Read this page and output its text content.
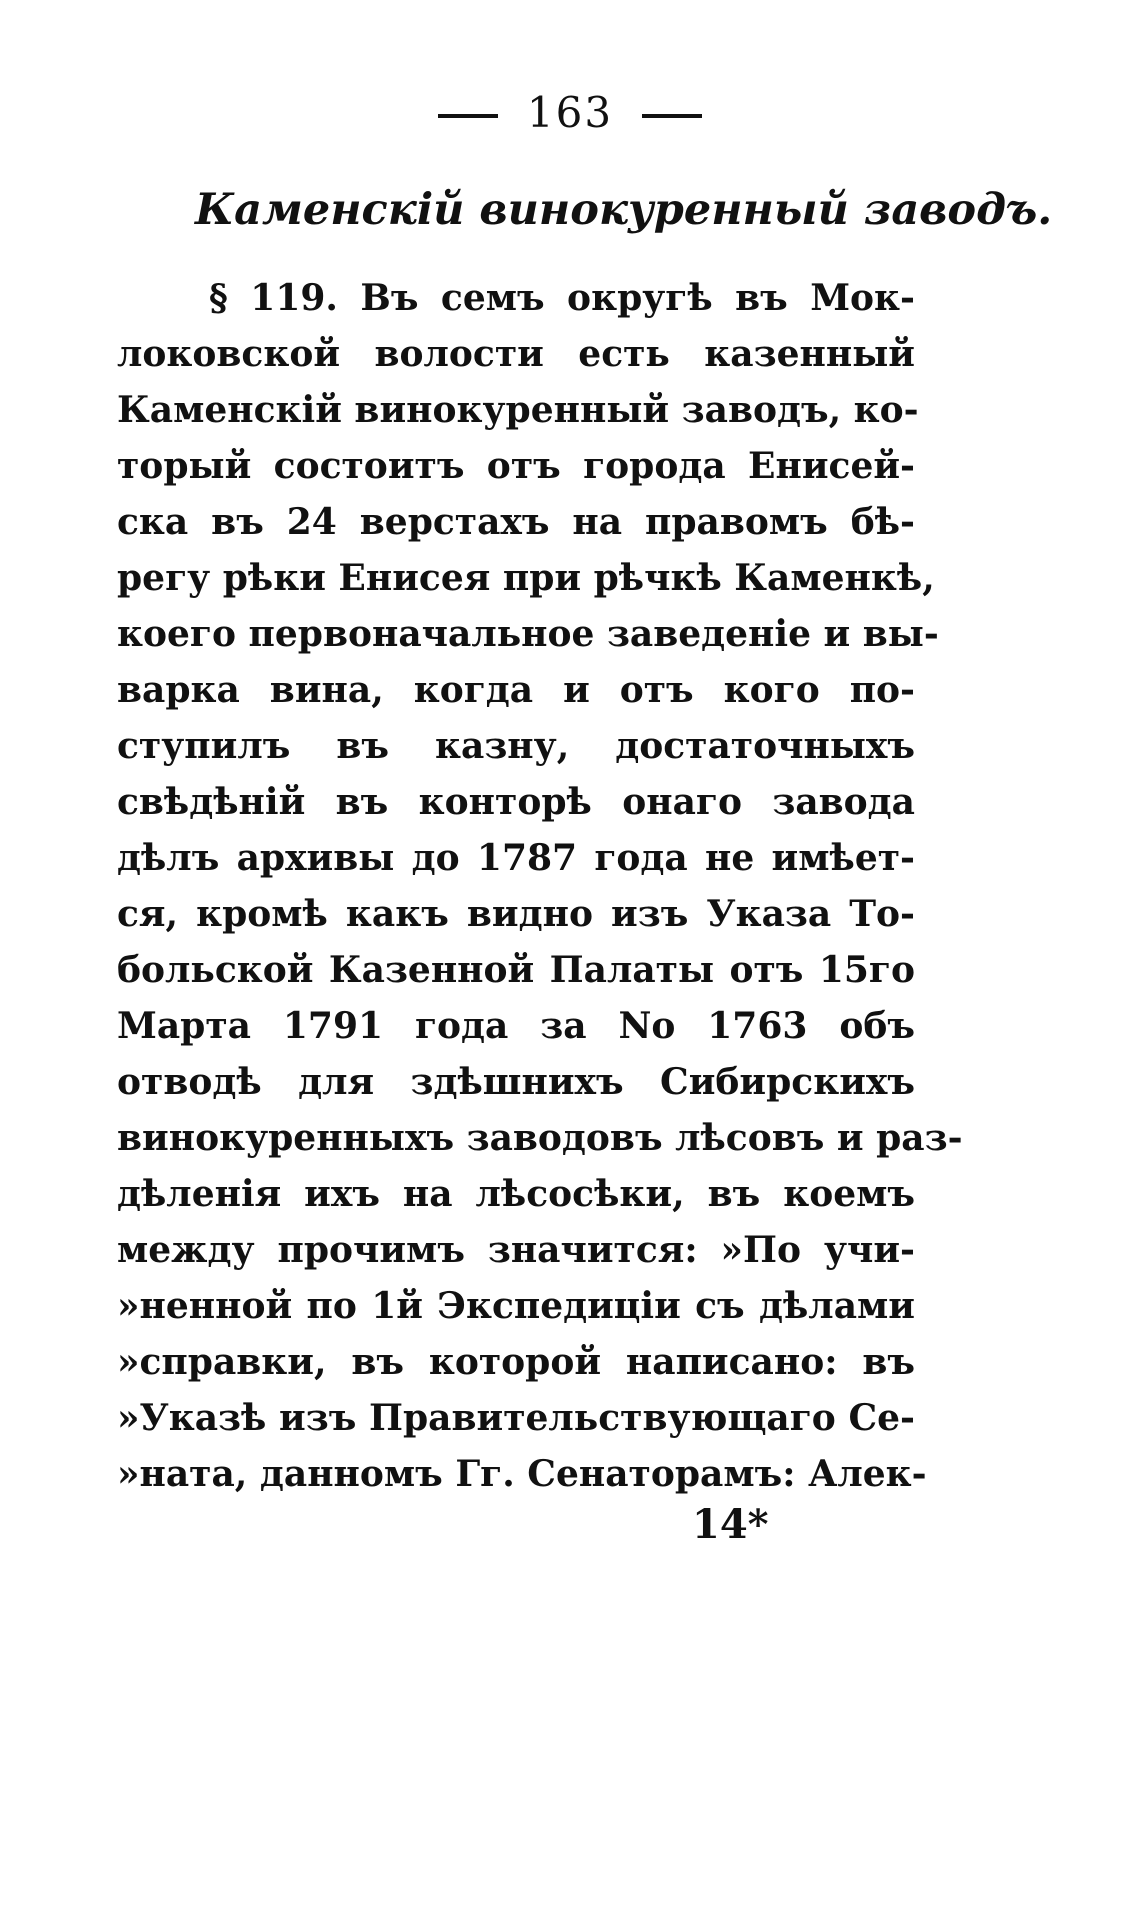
163
Каменскій винокуренный заводъ.
§ 119. Въ семъ округѣ въ Мок-
локовской волости есть казенный
Каменскій винокуренный заводъ, ко-
торый состоитъ отъ города Енисей-
ска въ 24 верстахъ на правомъ бѣ-
регу рѣки Енисея при рѣчкѣ Каменкѣ,
коего первоначальное заведеніе и вы-
варка вина, когда и отъ кого по-
ступилъ въ казну, достаточныхъ
свѣдѣній въ конторѣ онаго завода
дѣлъ архивы до 1787 года не имѣет-
ся, кромѣ какъ видно изъ Указа То-
больской Казенной Палаты отъ 15го
Марта 1791 года за No 1763 объ
отводѣ для здѣшнихъ Сибирскихъ
винокуренныхъ заводовъ лѣсовъ и раз-
дѣленія ихъ на лѣсосѣки, въ коемъ
между прочимъ значится: »По учи-
»ненной по 1й Экспедиціи съ дѣлами
»справки, въ которой написано: въ
»Указѣ изъ Правительствующаго Се-
»ната, данномъ Гг. Сенаторамъ: Алек-
14*
